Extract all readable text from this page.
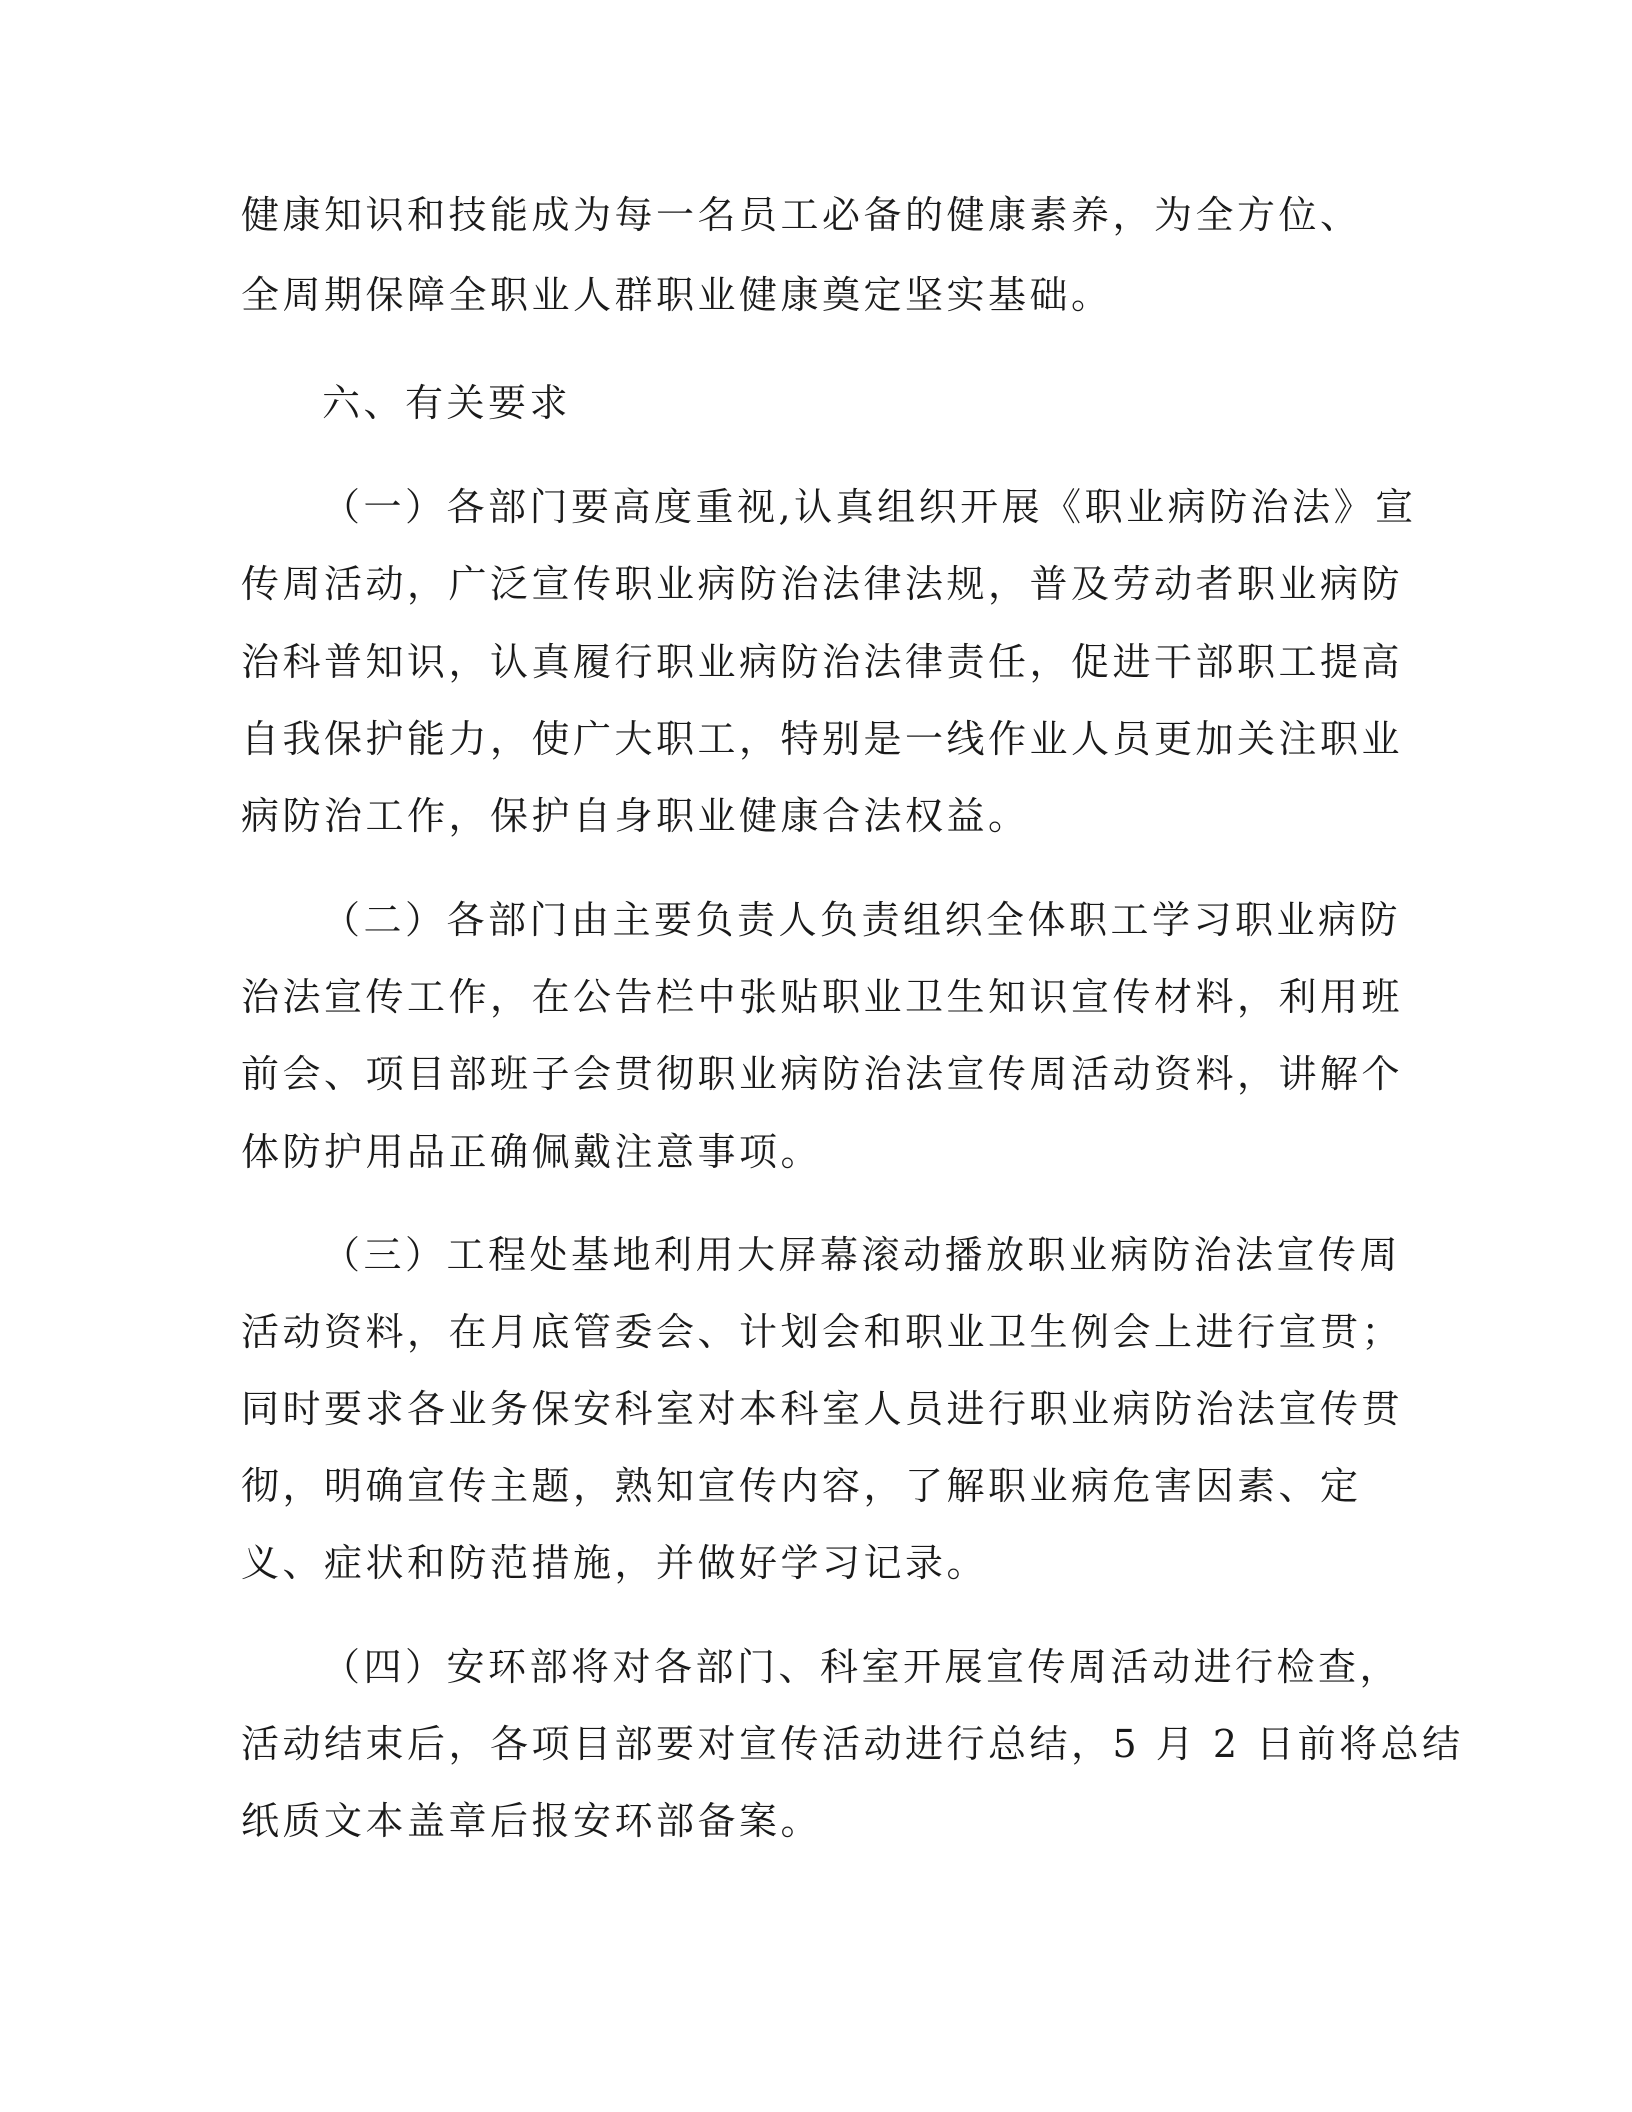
健康知识和技能成为每一名员工必备的健康素养，为全方位、
全周期保障全职业人群职业健康奠定坚实基础。
六、有关要求
（一）各部门要高度重视,认真组织开展《职业病防治法》宣
传周活动，广泛宣传职业病防治法律法规，普及劳动者职业病防
治科普知识，认真履行职业病防治法律责任，促进干部职工提高
自我保护能力，使广大职工，特别是一线作业人员更加关注职业
病防治工作，保护自身职业健康合法权益。
（二）各部门由主要负责人负责组织全体职工学习职业病防
治法宣传工作，在公告栏中张贴职业卫生知识宣传材料，利用班
前会、项目部班子会贯彻职业病防治法宣传周活动资料，讲解个
体防护用品正确佩戴注意事项。
（三）工程处基地利用大屏幕滚动播放职业病防治法宣传周
活动资料，在月底管委会、计划会和职业卫生例会上进行宣贯；
同时要求各业务保安科室对本科室人员进行职业病防治法宣传贯
彻，明确宣传主题，熟知宣传内容，了解职业病危害因素、定
义、症状和防范措施，并做好学习记录。
（四）安环部将对各部门、科室开展宣传周活动进行检查，
活动结束后，各项目部要对宣传活动进行总结，5 月 2 日前将总结
纸质文本盖章后报安环部备案。
